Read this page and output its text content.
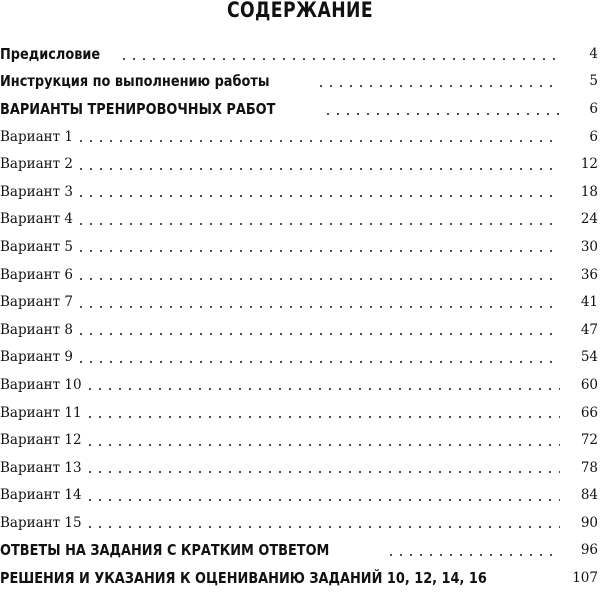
СОДЕРЖАНИЕ
Предисловие	4
Инструкция по выполнению работы	5
ВАРИАНТЫ ТРЕНИРОВОЧНЫХ РАБОТ	6
Вариант 1	6
Вариант 2	12
Вариант 3	18
Вариант 4	24
Вариант 5	30
Вариант 6	36
Вариант 7	41
Вариант 8	47
Вариант 9	54
Вариант 10	60
Вариант 11	66
Вариант 12	72
Вариант 13	78
Вариант 14	84
Вариант 15	90
ОТВЕТЫ НА ЗАДАНИЯ С КРАТКИМ ОТВЕТОМ	96
РЕШЕНИЯ И УКАЗАНИЯ К ОЦЕНИВАНИЮ ЗАДАНИЙ 10, 12, 14, 16	107
